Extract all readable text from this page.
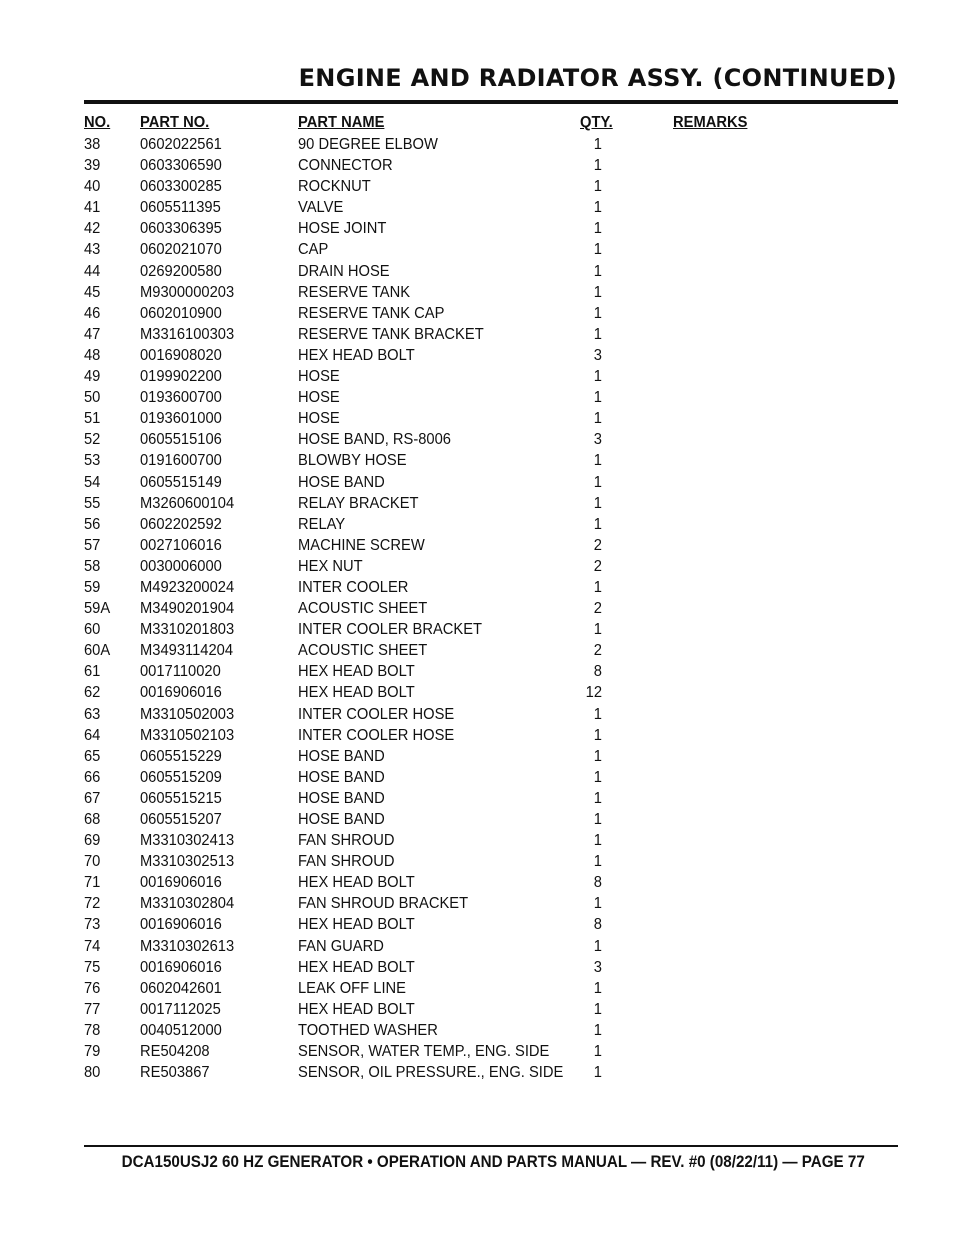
ENGINE AND RADIATOR ASSY. (CONTINUED)
NO. PART NO.	PART NAME	QTY.	REMARKS
38 0602022561	90 DEGREE ELBOW	1
39 0603306590	CONNECTOR	1
40 0603300285	ROCKNUT	1
41 0605511395	VALVE	1
42 0603306395	HOSE JOINT	1
43 0602021070	CAP	1
44 0269200580	DRAIN HOSE	1
45 M9300000203	RESERVE TANK	1
46 0602010900	RESERVE TANK CAP	1
47 M3316100303	RESERVE TANK BRACKET	1
48 0016908020	HEX HEAD BOLT	3
49 0199902200	HOSE	1
50 0193600700	HOSE	1
51 0193601000	HOSE	1
52 0605515106	HOSE BAND, RS-8006	3
53 0191600700	BLOWBY HOSE	1
54 0605515149	HOSE BAND	1
55 M3260600104	RELAY BRACKET	1
56 0602202592	RELAY	1
57 0027106016	MACHINE SCREW	2
58 0030006000	HEX NUT	2
59 M4923200024	INTER COOLER	1
59A M3490201904	ACOUSTIC SHEET	2
60 M3310201803	INTER COOLER BRACKET	1
60A M3493114204	ACOUSTIC SHEET	2
61 0017110020	HEX HEAD BOLT	8
62 0016906016	HEX HEAD BOLT	12
63 M3310502003	INTER COOLER HOSE	1
64 M3310502103	INTER COOLER HOSE	1
65 0605515229	HOSE BAND	1
66 0605515209	HOSE BAND	1
67 0605515215	HOSE BAND	1
68 0605515207	HOSE BAND	1
69 M3310302413	FAN SHROUD	1
70 M3310302513	FAN SHROUD	1
71 0016906016	HEX HEAD BOLT	8
72 M3310302804	FAN SHROUD BRACKET	1
73 0016906016	HEX HEAD BOLT	8
74 M3310302613	FAN GUARD	1
75 0016906016	HEX HEAD BOLT	3
76 0602042601	LEAK OFF LINE	1
77 0017112025	HEX HEAD BOLT	1
78 0040512000	TOOTHED WASHER	1
79 RE504208	SENSOR, WATER TEMP., ENG. SIDE	1
80 RE503867	SENSOR, OIL PRESSURE., ENG. SIDE	1
DCA150USJ2 60 HZ GENERATOR • OPERATION AND PARTS MANUAL — REV. #0 (08/22/11) — PAGE 77
